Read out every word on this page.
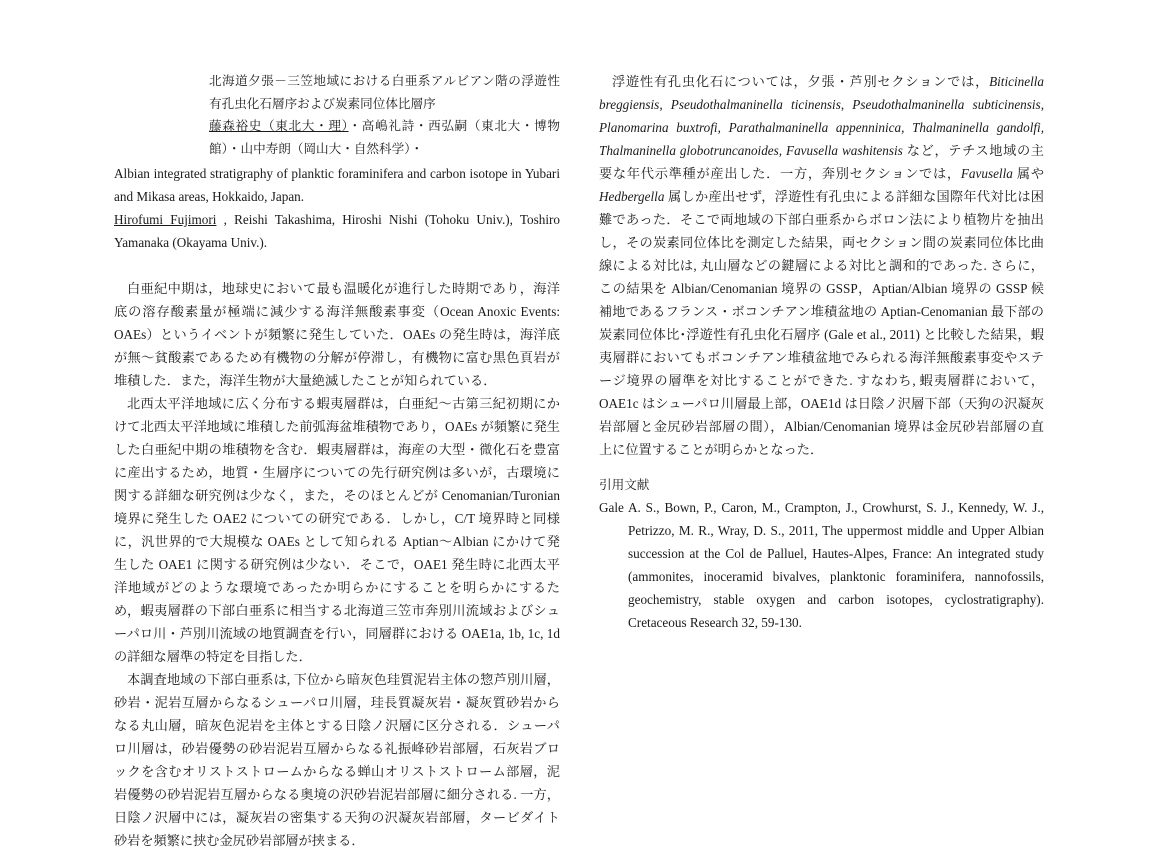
北海道夕張－三笠地域における白亜系アルビアン階の浮遊性有孔虫化石層序および炭素同位体比層序
藤森裕史（東北大・理）・高嶋礼詩・西弘嗣（東北大・博物館）・山中寿朗（岡山大・自然科学）・
Albian integrated stratigraphy of planktic foraminifera and carbon isotope in Yubari and Mikasa areas, Hokkaido, Japan.
Hirofumi Fujimori , Reishi Takashima, Hiroshi Nishi (Tohoku Univ.), Toshiro Yamanaka (Okayama Univ.).

白亜紀中期は，地球史において最も温暖化が進行した時期であり，海洋底の溶存酸素量が極端に減少する海洋無酸素事変（Ocean Anoxic Events: OAEs）というイベントが頻繁に発生していた．OAEs の発生時は，海洋底が無～貧酸素であるため有機物の分解が停滞し，有機物に富む黒色頁岩が堆積した．また，海洋生物が大量絶滅したことが知られている．

北西太平洋地域に広く分布する蝦夷層群は，白亜紀～古第三紀初期にかけて北西太平洋地域に堆積した前弧海盆堆積物であり，OAEs が頻繁に発生した白亜紀中期の堆積物を含む．蝦夷層群は，海産の大型・微化石を豊富に産出するため，地質・生層序についての先行研究例は多いが，古環境に関する詳細な研究例は少なく，また，そのほとんどが Cenomanian/Turonian 境界に発生した OAE2 についての研究である．しかし，C/T 境界時と同様に，汎世界的で大規模な OAEs として知られる Aptian～Albian にかけて発生した OAE1 に関する研究例は少ない．そこで，OAE1 発生時に北西太平洋地域がどのような環境であったか明らかにすることを明らかにするため，蝦夷層群の下部白亜系に相当する北海道三笠市奔別川流域およびシューパロ川・芦別川流域の地質調査を行い，同層群における OAE1a, 1b, 1c, 1d の詳細な層準の特定を目指した．

本調査地域の下部白亜系は, 下位から暗灰色珪質泥岩主体の惣芦別川層，砂岩・泥岩互層からなるシューパロ川層，珪長質凝灰岩・凝灰質砂岩からなる丸山層，暗灰色泥岩を主体とする日陰ノ沢層に区分される．シューパロ川層は，砂岩優勢の砂岩泥岩互層からなる礼振峰砂岩部層，石灰岩ブロックを含むオリストストロームからなる蝉山オリストストローム部層，泥岩優勢の砂岩泥岩互層からなる奥境の沢砂岩泥岩部層に細分される. 一方，日陰ノ沢層中には，凝灰岩の密集する天狗の沢凝灰岩部層，タービダイト砂岩を頻繁に挟む金尻砂岩部層が挟まる．

浮遊性有孔虫化石については，夕張・芦別セクションでは，Biticinella breggiensis, Pseudothalmaninella ticinensis, Pseudothalmaninella subticinensis, Planomarina buxtrofi, Parathalmaninella appenninica, Thalmaninella gandolfi, Thalmaninella globotruncanoides, Favusella washitensis など，テチス地域の主要な年代示準種が産出した．一方，奔別セクションでは，Favusella 属や Hedbergella 属しか産出せず，浮遊性有孔虫による詳細な国際年代対比は困難であった．そこで両地域の下部白亜系からボロン法により植物片を抽出し，その炭素同位体比を測定した結果，両セクション間の炭素同位体比曲線による対比は, 丸山層などの鍵層による対比と調和的であった. さらに，この結果を Albian/Cenomanian 境界の GSSP，Aptian/Albian 境界の GSSP 候補地であるフランス・ボコンチアン堆積盆地の Aptian-Cenomanian 最下部の炭素同位体比･浮遊性有孔虫化石層序 (Gale et al., 2011) と比較した結果，蝦夷層群においてもボコンチアン堆積盆地でみられる海洋無酸素事変やステージ境界の層準を対比することができた. すなわち, 蝦夷層群において，OAE1c はシューパロ川層最上部，OAE1d は日陰ノ沢層下部（天狗の沢凝灰岩部層と金尻砂岩部層の間），Albian/Cenomanian 境界は金尻砂岩部層の直上に位置することが明らかとなった．

引用文献
Gale A. S., Bown, P., Caron, M., Crampton, J., Crowhurst, S. J., Kennedy, W. J., Petrizzo, M. R., Wray, D. S., 2011, The uppermost middle and Upper Albian succession at the Col de Palluel, Hautes-Alpes, France: An integrated study (ammonites, inoceramid bivalves, planktonic foraminifera, nannofossils, geochemistry, stable oxygen and carbon isotopes, cyclostratigraphy). Cretaceous Research 32, 59-130.
